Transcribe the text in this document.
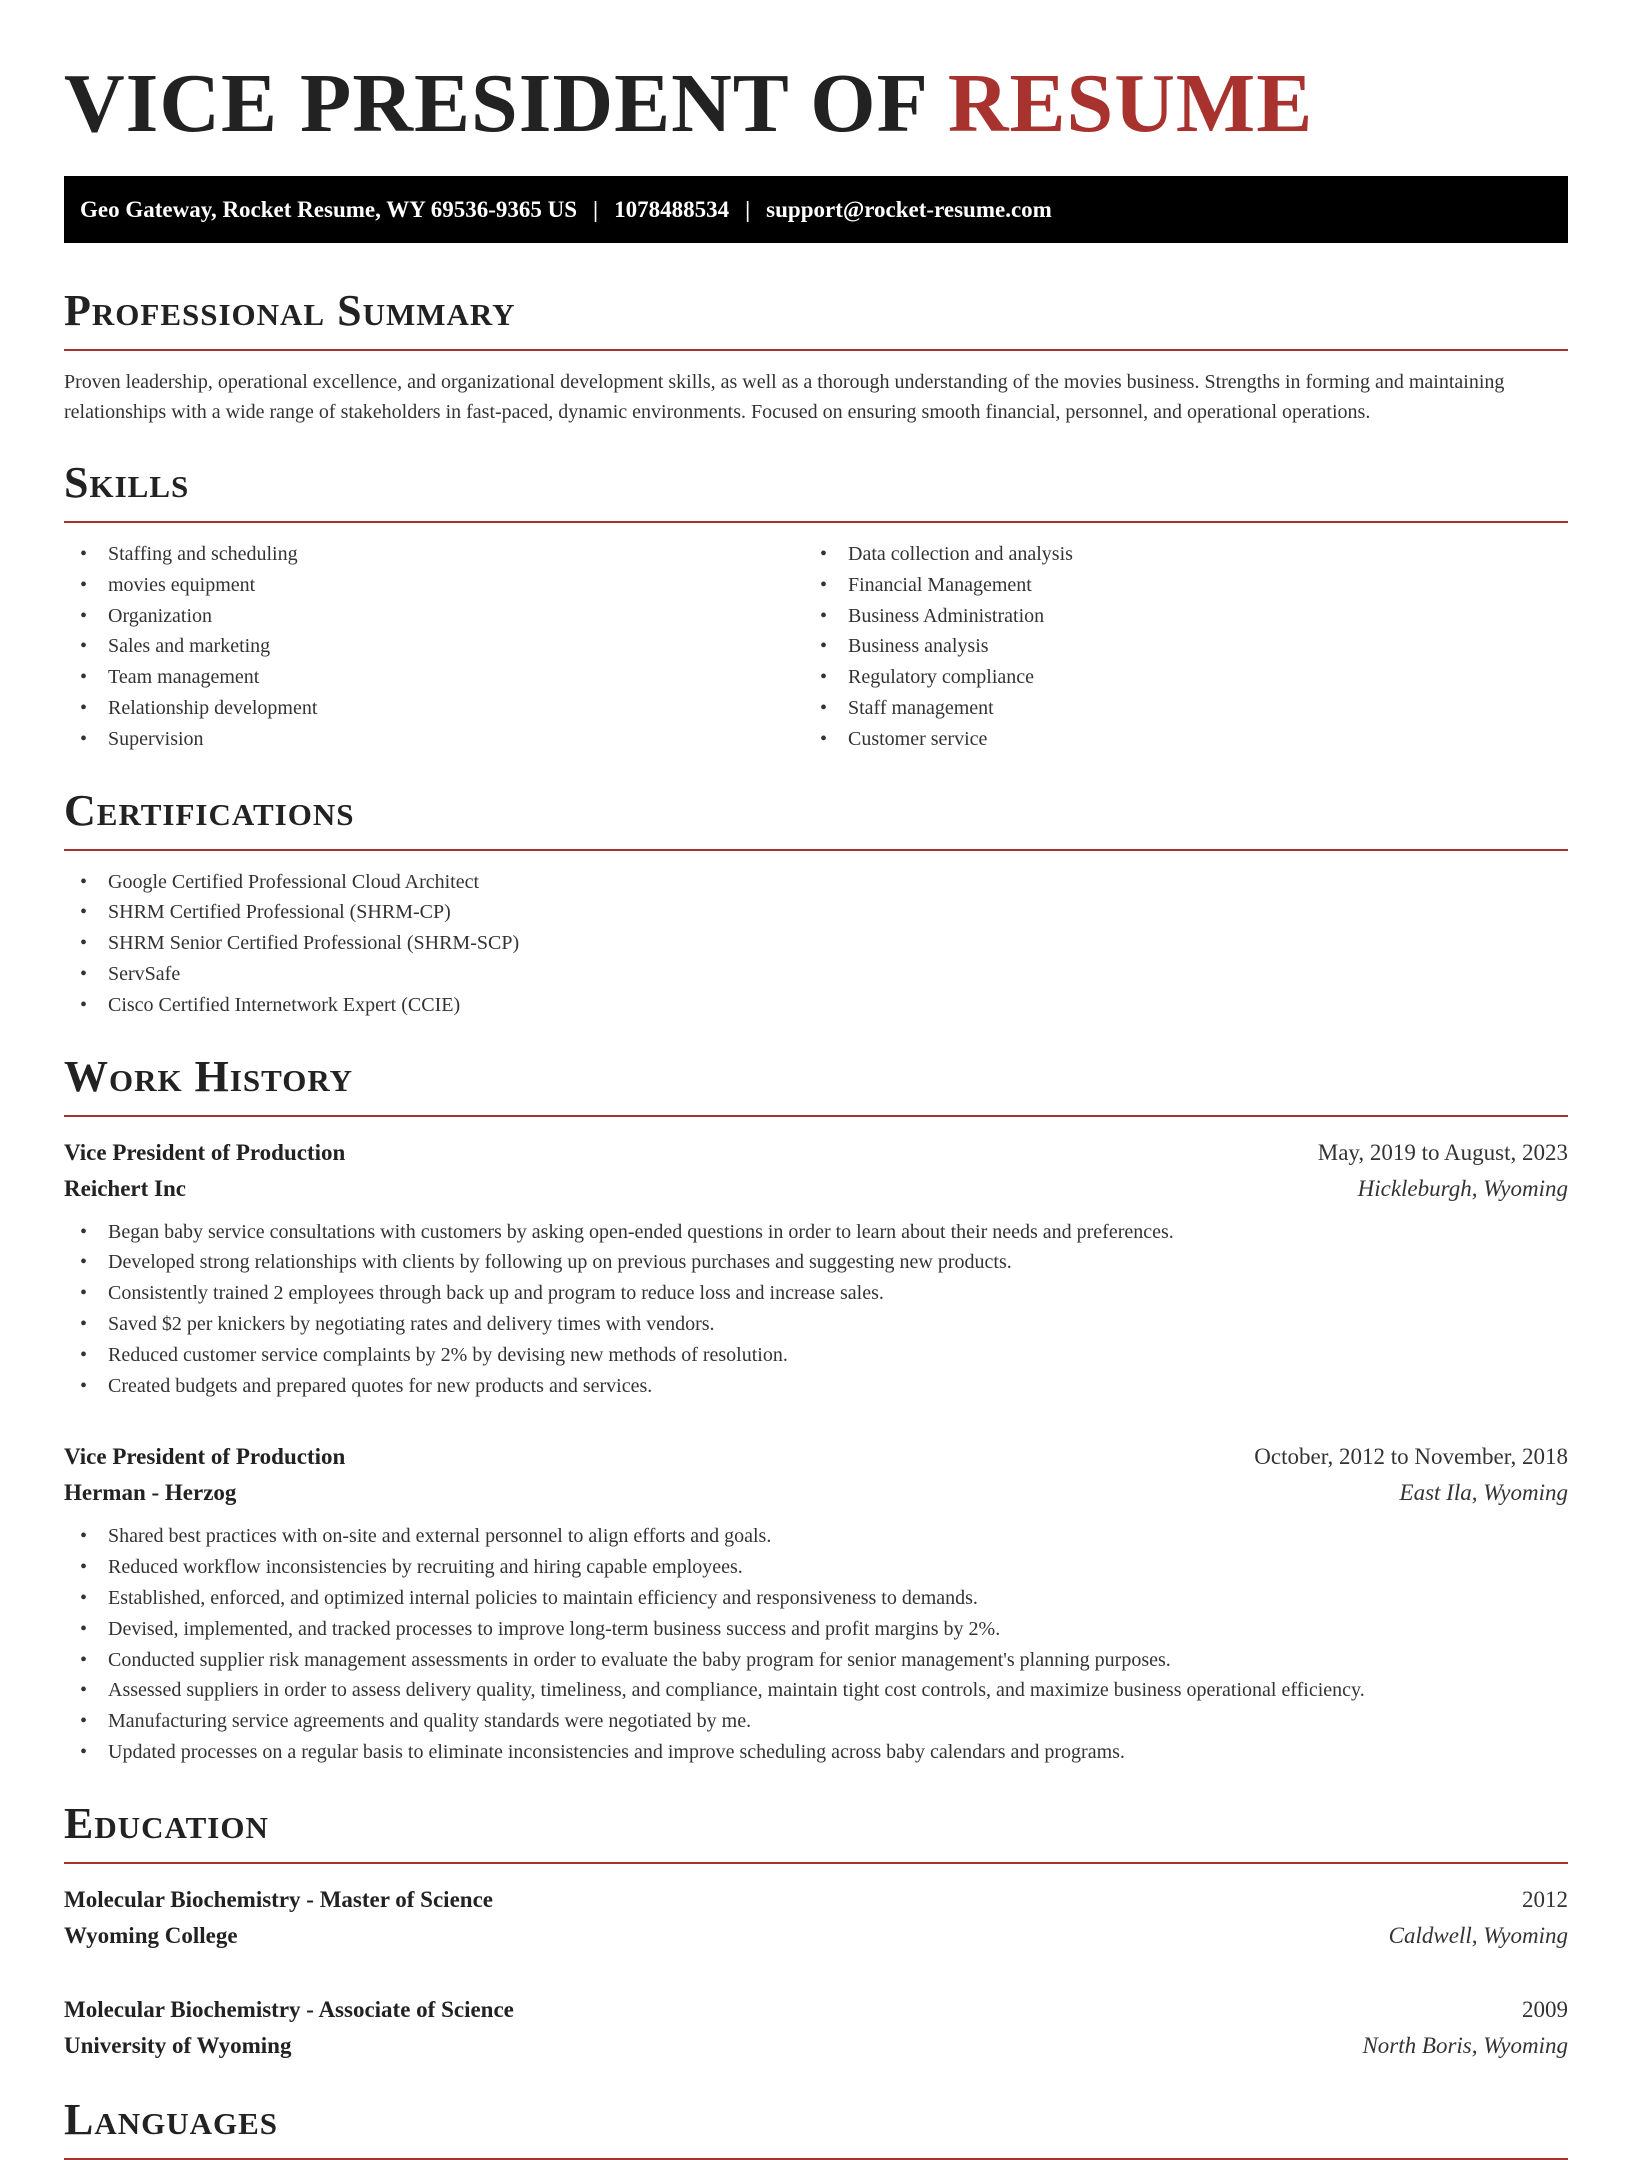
VICE PRESIDENT OF RESUME
Geo Gateway, Rocket Resume, WY 69536-9365 US | 1078488534 | support@rocket-resume.com
Professional Summary

Proven leadership, operational excellence, and organizational development skills, as well as a thorough understanding of the movies business. Strengths in forming and maintaining relationships with a wide range of stakeholders in fast-paced, dynamic environments. Focused on ensuring smooth financial, personnel, and operational operations.

Skills
• Staffing and scheduling
• movies equipment
• Organization
• Sales and marketing
• Team management
• Relationship development
• Supervision
• Data collection and analysis
• Financial Management
• Business Administration
• Business analysis
• Regulatory compliance
• Staff management
• Customer service
Certifications
• Google Certified Professional Cloud Architect
• SHRM Certified Professional (SHRM-CP)
• SHRM Senior Certified Professional (SHRM-SCP)
• ServSafe
• Cisco Certified Internetwork Expert (CCIE)
Work History
Vice President of Production	May, 2019 to August, 2023
Reichert Inc	Hickleburgh, Wyoming
• Began baby service consultations with customers by asking open-ended questions in order to learn about their needs and preferences.
• Developed strong relationships with clients by following up on previous purchases and suggesting new products.
• Consistently trained 2 employees through back up and program to reduce loss and increase sales.
• Saved $2 per knickers by negotiating rates and delivery times with vendors.
• Reduced customer service complaints by 2% by devising new methods of resolution.
• Created budgets and prepared quotes for new products and services.
Vice President of Production	October, 2012 to November, 2018
Herman - Herzog	East Ila, Wyoming
• Shared best practices with on-site and external personnel to align efforts and goals.
• Reduced workflow inconsistencies by recruiting and hiring capable employees.
• Established, enforced, and optimized internal policies to maintain efficiency and responsiveness to demands.
• Devised, implemented, and tracked processes to improve long-term business success and profit margins by 2%.
• Conducted supplier risk management assessments in order to evaluate the baby program for senior management's planning purposes.
• Assessed suppliers in order to assess delivery quality, timeliness, and compliance, maintain tight cost controls, and maximize business operational efficiency.
• Manufacturing service agreements and quality standards were negotiated by me.
• Updated processes on a regular basis to eliminate inconsistencies and improve scheduling across baby calendars and programs.
Education
Molecular Biochemistry - Master of Science	2012
Wyoming College	Caldwell, Wyoming
Molecular Biochemistry - Associate of Science	2009
University of Wyoming	North Boris, Wyoming
Languages
